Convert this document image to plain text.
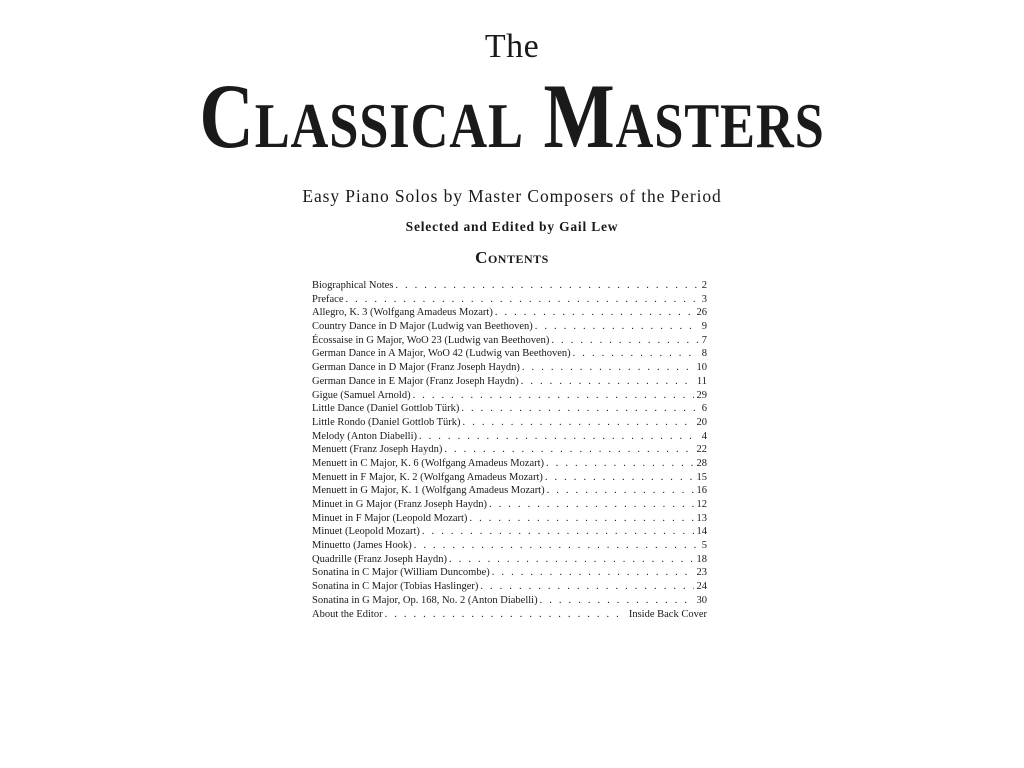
The
Classical Masters
Easy Piano Solos by Master Composers of the Period
Selected and Edited by Gail Lew
Contents
Biographical Notes . . .	2
Preface . . .	3
Allegro, K. 3 (Wolfgang Amadeus Mozart) . . .	26
Country Dance in D Major (Ludwig van Beethoven) . . .	9
Écossaise in G Major, WoO 23 (Ludwig van Beethoven) . . .	7
German Dance in A Major, WoO 42 (Ludwig van Beethoven) . . .	8
German Dance in D Major (Franz Joseph Haydn) . . .	10
German Dance in E Major (Franz Joseph Haydn) . . .	11
Gigue (Samuel Arnold) . . .	29
Little Dance (Daniel Gottlob Türk) . . .	6
Little Rondo (Daniel Gottlob Türk) . . .	20
Melody (Anton Diabelli) . . .	4
Menuett (Franz Joseph Haydn) . . .	22
Menuett in C Major, K. 6 (Wolfgang Amadeus Mozart) . . .	28
Menuett in F Major, K. 2 (Wolfgang Amadeus Mozart) . . .	15
Menuett in G Major, K. 1 (Wolfgang Amadeus Mozart) . . .	16
Minuet in G Major (Franz Joseph Haydn) . . .	12
Minuet in F Major (Leopold Mozart) . . .	13
Minuet (Leopold Mozart) . . .	14
Minuetto (James Hook) . . .	5
Quadrille (Franz Joseph Haydn) . . .	18
Sonatina in C Major (William Duncombe) . . .	23
Sonatina in C Major (Tobias Haslinger) . . .	24
Sonatina in G Major, Op. 168, No. 2 (Anton Diabelli) . . .	30
About the Editor . . .	Inside Back Cover
